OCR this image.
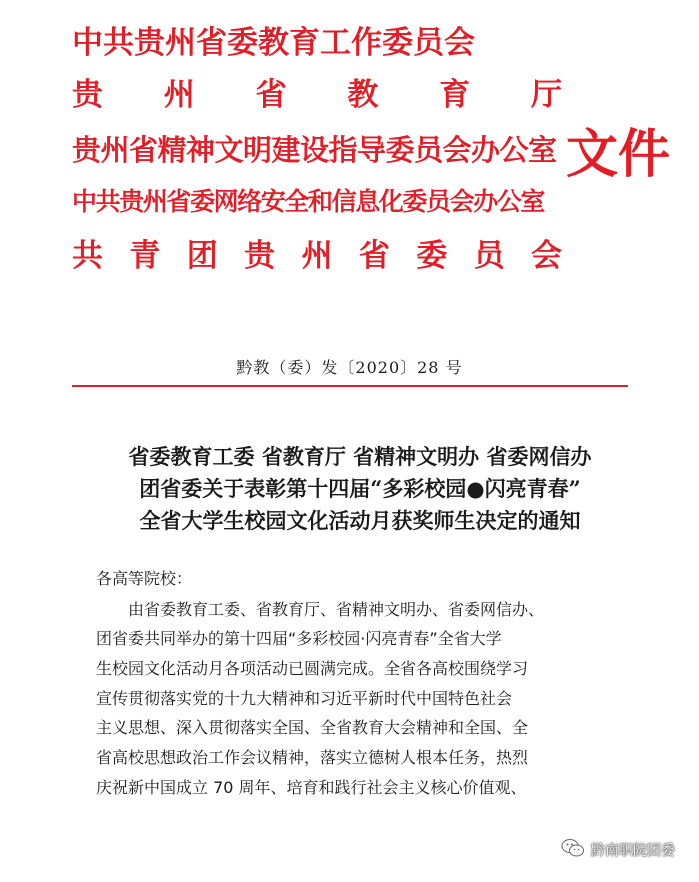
中共贵州省委教育工作委员会
贵 州 省 教 育 厅
贵州省精神文明建设指导委员会办公室
中共贵州省委网络安全和信息化委员会办公室
共 青 团 贵 州 省 委 员 会
文件
黔教（委）发〔2020〕28 号
省委教育工委 省教育厅 省精神文明办 省委网信办
团省委关于表彰第十四届“多彩校园●闪亮青春”
全省大学生校园文化活动月获奖师生决定的通知
各高等院校：
由省委教育工委、省教育厅、省精神文明办、省委网信办、
团省委共同举办的第十四届“多彩校园·闪亮青春”全省大学
生校园文化活动月各项活动已圆满完成。全省各高校围绕学习
宣传贯彻落实党的十九大精神和习近平新时代中国特色社会
主义思想、深入贯彻落实全国、全省教育大会精神和全国、全
省高校思想政治工作会议精神，落实立德树人根本任务，热烈
庆祝新中国成立 70 周年、培育和践行社会主义核心价值观、
黔南职院团委
